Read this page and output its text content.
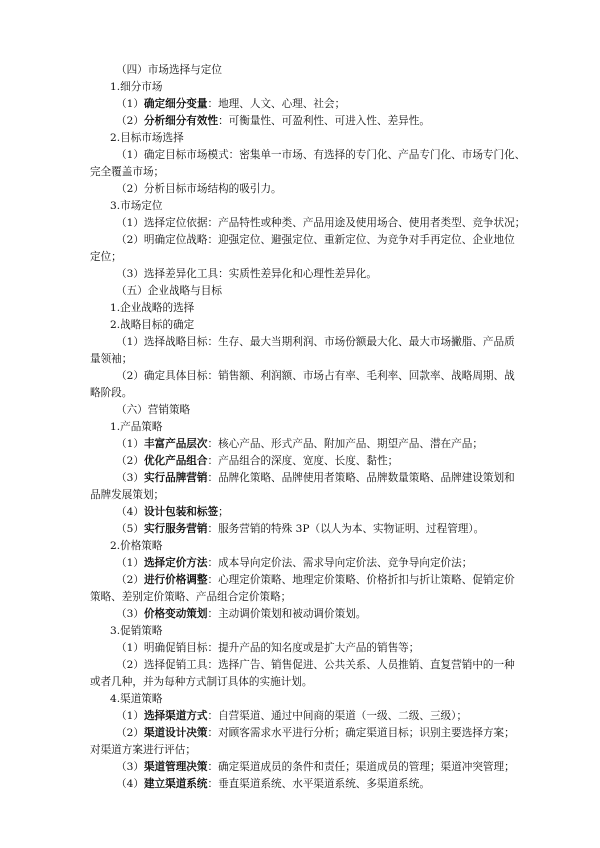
（四）市场选择与定位
1.细分市场
（1）确定细分变量：地理、人文、心理、社会；
（2）分析细分有效性：可衡量性、可盈利性、可进入性、差异性。
2.目标市场选择
（1）确定目标市场模式：密集单一市场、有选择的专门化、产品专门化、市场专门化、
完全覆盖市场；
（2）分析目标市场结构的吸引力。
3.市场定位
（1）选择定位依据：产品特性或种类、产品用途及使用场合、使用者类型、竞争状况；
（2）明确定位战略：迎强定位、避强定位、重新定位、为竞争对手再定位、企业地位
定位；
（3）选择差异化工具：实质性差异化和心理性差异化。
（五）企业战略与目标
1.企业战略的选择
2.战略目标的确定
（1）选择战略目标：生存、最大当期利润、市场份额最大化、最大市场撇脂、产品质
量领袖；
（2）确定具体目标：销售额、利润额、市场占有率、毛利率、回款率、战略周期、战
略阶段。
（六）营销策略
1.产品策略
（1）丰富产品层次：核心产品、形式产品、附加产品、期望产品、潜在产品；
（2）优化产品组合：产品组合的深度、宽度、长度、黏性；
（3）实行品牌营销：品牌化策略、品牌使用者策略、品牌数量策略、品牌建设策划和
品牌发展策划；
（4）设计包装和标签；
（5）实行服务营销：服务营销的特殊 3P（以人为本、实物证明、过程管理）。
2.价格策略
（1）选择定价方法：成本导向定价法、需求导向定价法、竞争导向定价法；
（2）进行价格调整：心理定价策略、地理定价策略、价格折扣与折让策略、促销定价
策略、差别定价策略、产品组合定价策略；
（3）价格变动策划：主动调价策划和被动调价策划。
3.促销策略
（1）明确促销目标：提升产品的知名度或是扩大产品的销售等；
（2）选择促销工具：选择广告、销售促进、公共关系、人员推销、直复营销中的一种
或者几种，并为每种方式制订具体的实施计划。
4.渠道策略
（1）选择渠道方式：自营渠道、通过中间商的渠道（一级、二级、三级）；
（2）渠道设计决策：对顾客需求水平进行分析；确定渠道目标；识别主要选择方案；
对渠道方案进行评估；
（3）渠道管理决策：确定渠道成员的条件和责任；渠道成员的管理；渠道冲突管理；
（4）建立渠道系统：垂直渠道系统、水平渠道系统、多渠道系统。
